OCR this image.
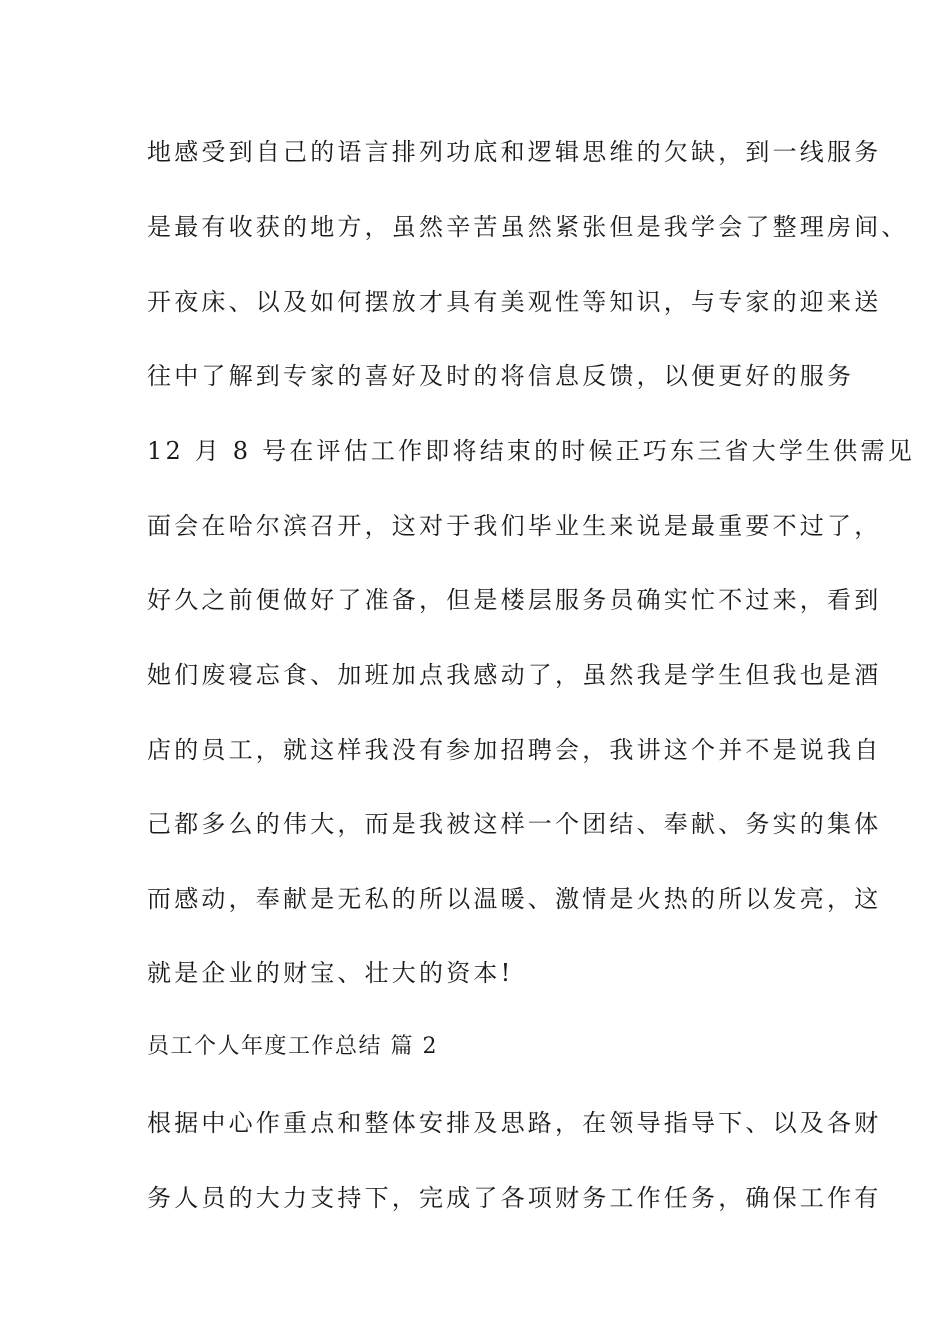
地感受到自己的语言排列功底和逻辑思维的欠缺，到一线服务
是最有收获的地方，虽然辛苦虽然紧张但是我学会了整理房间、
开夜床、以及如何摆放才具有美观性等知识，与专家的迎来送
往中了解到专家的喜好及时的将信息反馈，以便更好的服务
12 月 8 号在评估工作即将结束的时候正巧东三省大学生供需见
面会在哈尔滨召开，这对于我们毕业生来说是最重要不过了，
好久之前便做好了准备，但是楼层服务员确实忙不过来，看到
她们废寝忘食、加班加点我感动了，虽然我是学生但我也是酒
店的员工，就这样我没有参加招聘会，我讲这个并不是说我自
己都多么的伟大，而是我被这样一个团结、奉献、务实的集体
而感动，奉献是无私的所以温暖、激情是火热的所以发亮，这
就是企业的财宝、壮大的资本!
员工个人年度工作总结 篇 2
根据中心作重点和整体安排及思路，在领导指导下、以及各财
务人员的大力支持下，完成了各项财务工作任务，确保工作有
